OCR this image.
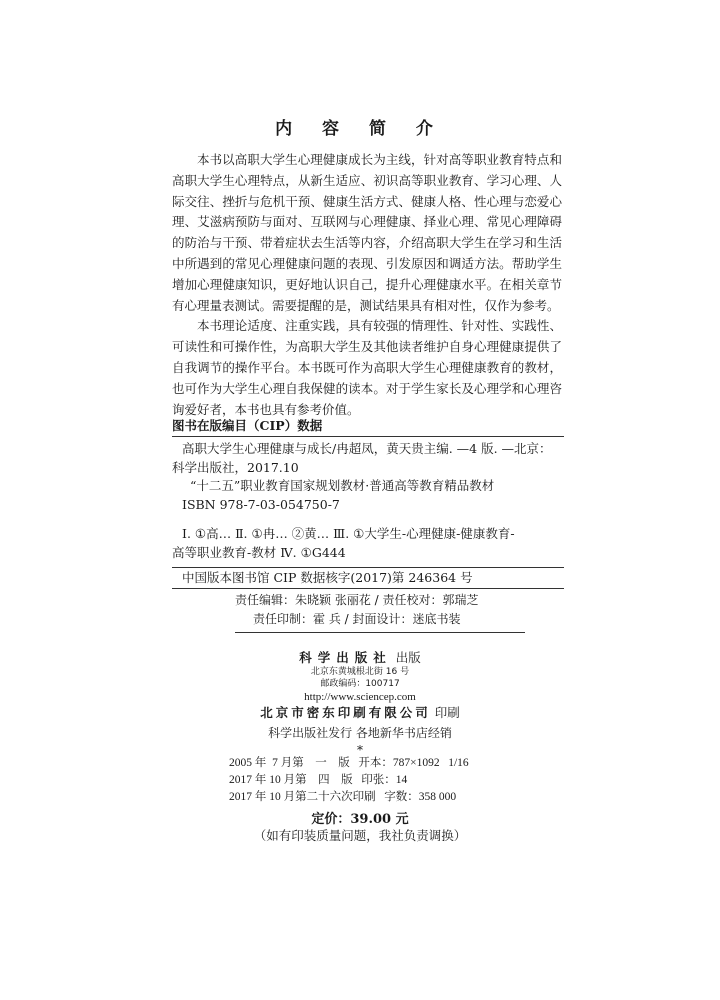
内 容 简 介

本书以高职大学生心理健康成长为主线，针对高等职业教育特点和高职大学生心理特点，从新生适应、初识高等职业教育、学习心理、人际交往、挫折与危机干预、健康生活方式、健康人格、性心理与恋爱心理、艾滋病预防与面对、互联网与心理健康、择业心理、常见心理障碍的防治与干预、带着症状去生活等内容，介绍高职大学生在学习和生活中所遇到的常见心理健康问题的表现、引发原因和调适方法。帮助学生增加心理健康知识，更好地认识自己，提升心理健康水平。在相关章节有心理量表测试。需要提醒的是，测试结果具有相对性，仅作为参考。

本书理论适度、注重实践，具有较强的情理性、针对性、实践性、可读性和可操作性，为高职大学生及其他读者维护自身心理健康提供了自我调节的操作平台。本书既可作为高职大学生心理健康教育的教材，也可作为大学生心理自我保健的读本。对于学生家长及心理学和心理咨询爱好者，本书也具有参考价值。

图书在版编目（CIP）数据
高职大学生心理健康与成长/冉超凤，黄天贵主编. —4 版. —北京：
科学出版社，2017.10
“十二五”职业教育国家规划教材·普通高等教育精品教材
ISBN 978-7-03-054750-7
Ⅰ. ①高… Ⅱ. ①冉… ②黄… Ⅲ. ①大学生-心理健康-健康教育-
高等职业教育-教材 Ⅳ. ①G444
中国版本图书馆 CIP 数据核字(2017)第 246364 号
责任编辑：朱晓颖 张丽花 / 责任校对：郭瑞芝
责任印制：霍 兵 / 封面设计：迷底书装
科学出版社 出版
北京东黄城根北街 16 号
邮政编码：100717
http://www.sciencep.com
北京市密东印刷有限公司 印刷
科学出版社发行 各地新华书店经销
*
2005 年  7 月第    一    版   开本：787×1092   1/16
2017 年 10 月第    四    版   印张：14
2017 年 10 月第二十六次印刷   字数：358 000
定价：39.00 元
（如有印装质量问题，我社负责调换）
